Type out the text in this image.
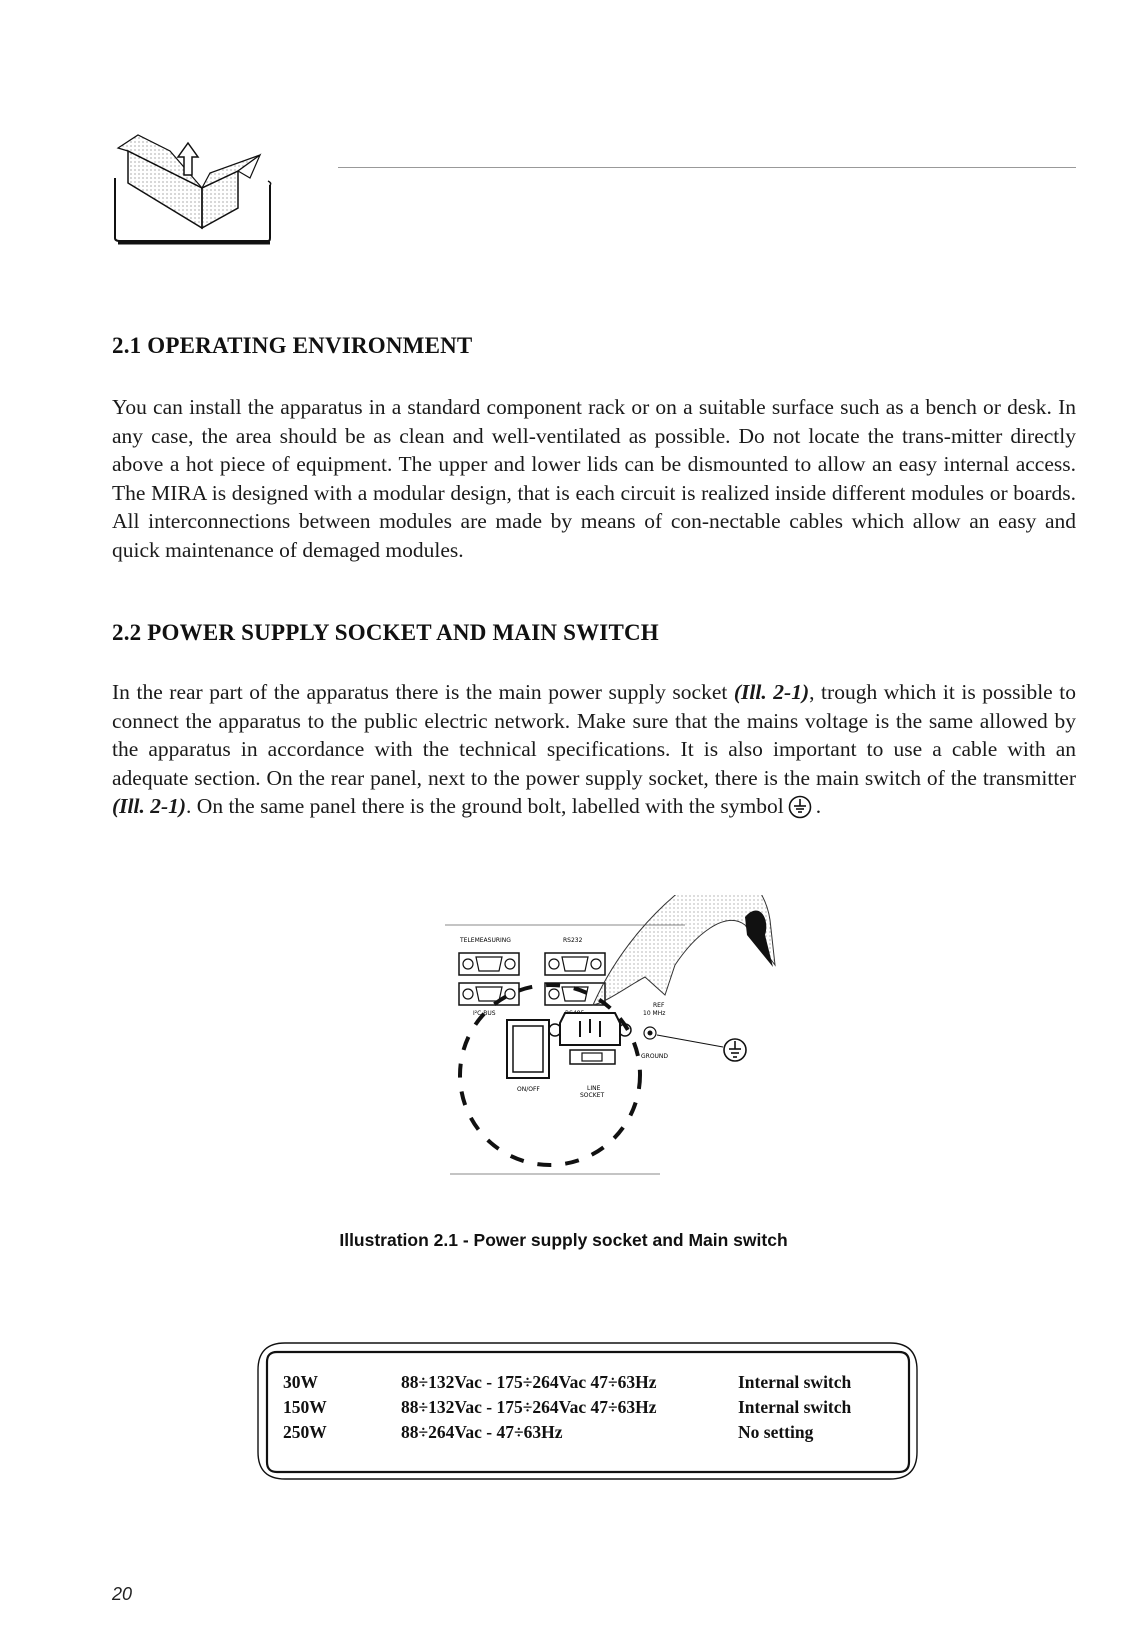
2.1 OPERATING ENVIRONMENT
You can install the apparatus in a standard component rack or on a suitable surface such as a bench or desk. In any case, the area should be as clean and well-ventilated as possible. Do not locate the trans-mitter directly above a hot piece of equipment. The upper and lower lids can be dismounted to allow an easy internal access. The MIRA is designed with a modular design, that is each circuit is realized inside different modules or boards. All interconnections between modules are made by means of con-nectable cables which allow an easy and quick maintenance of demaged modules.
2.2 POWER SUPPLY SOCKET AND MAIN SWITCH
In the rear part of the apparatus there is the main power supply socket (Ill. 2-1), trough which it is possible to connect the apparatus to the public electric network. Make sure that the mains voltage is the same allowed by the apparatus in accordance with the technical specifications. It is also important to use a cable with an adequate section. On the rear panel, next to the power supply socket, there is the main switch of the transmitter (Ill. 2-1). On the same panel there is the ground bolt, labelled with the symbol .
TELEMEASURING	RS232
I²C BUS
REF
10 MHz
GROUND
ON/OFF	LINE
SOCKET
Illustration 2.1 - Power supply socket and Main switch
30W	88÷132Vac - 175÷264Vac 47÷63Hz	Internal switch
150W	88÷132Vac - 175÷264Vac 47÷63Hz	Internal switch
250W	88÷264Vac - 47÷63Hz	No setting
20
